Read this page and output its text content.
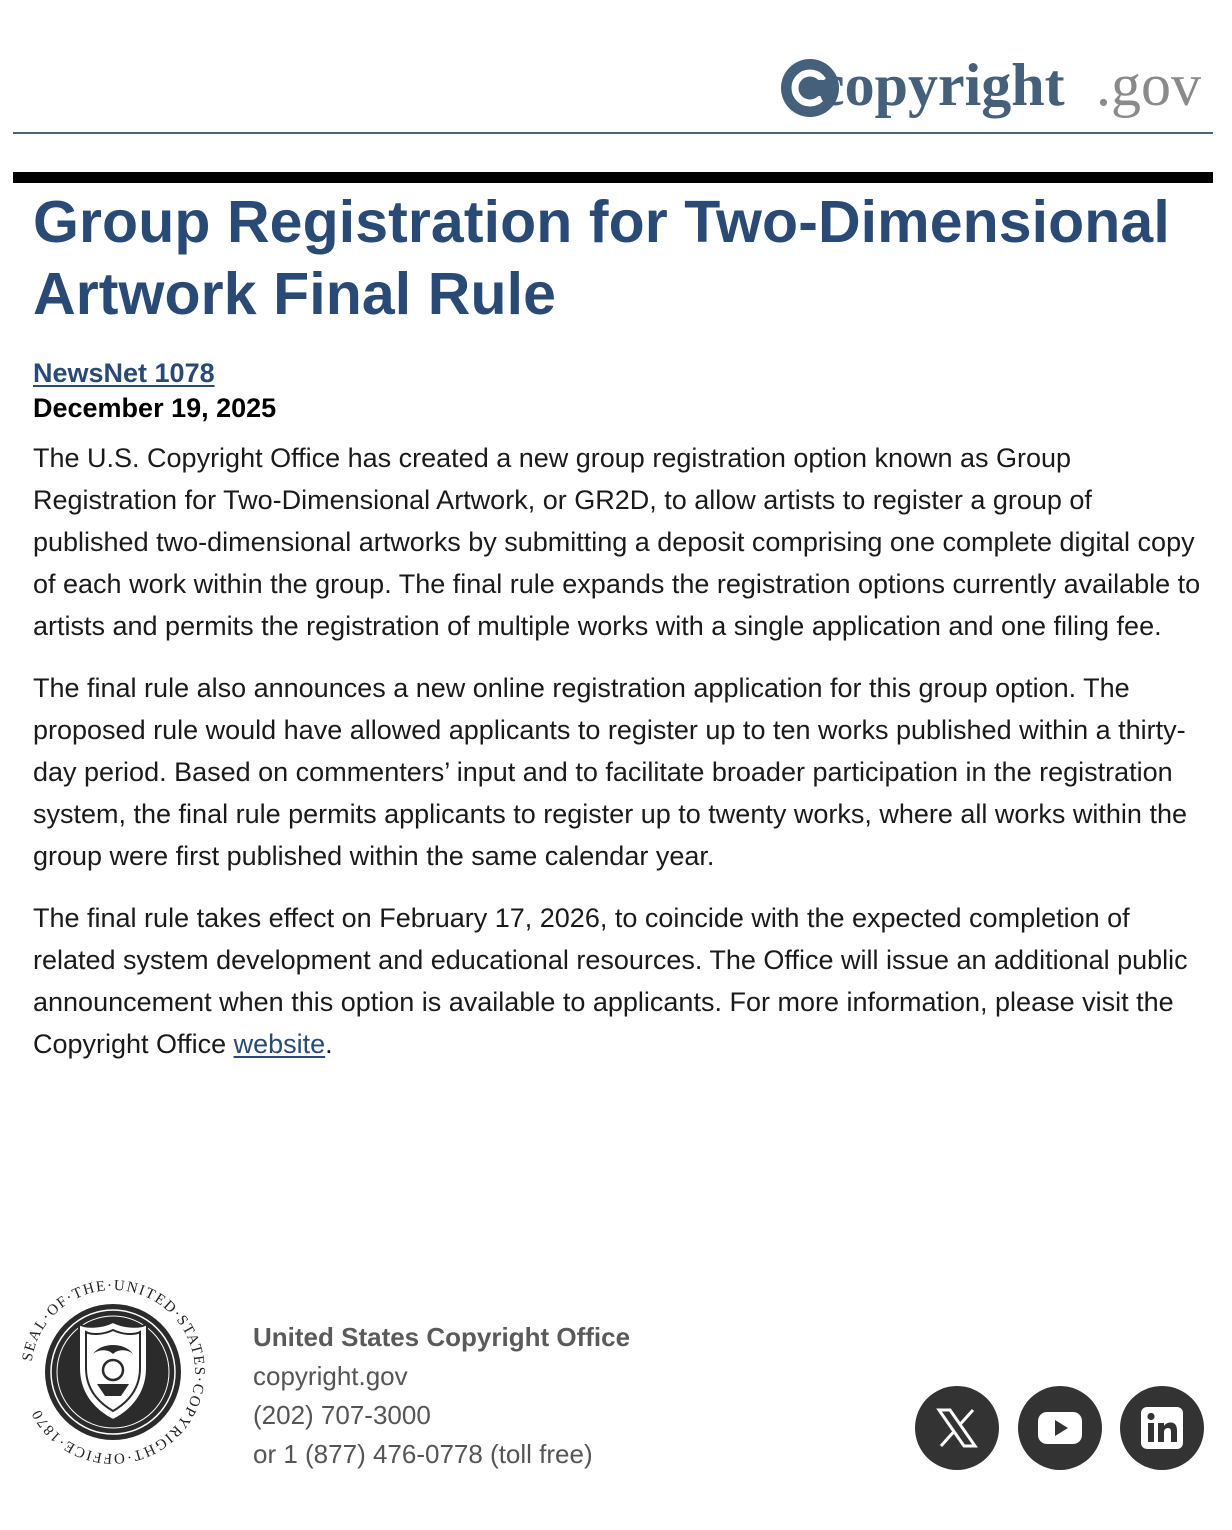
copyright .gov
Group Registration for Two-Dimensional Artwork Final Rule
NewsNet 1078
December 19, 2025

The U.S. Copyright Office has created a new group registration option known as Group Registration for Two-Dimensional Artwork, or GR2D, to allow artists to register a group of published two-dimensional artworks by submitting a deposit comprising one complete digital copy of each work within the group. The final rule expands the registration options currently available to artists and permits the registration of multiple works with a single application and one filing fee.

The final rule also announces a new online registration application for this group option. The proposed rule would have allowed applicants to register up to ten works published within a thirty-day period. Based on commenters’ input and to facilitate broader participation in the registration system, the final rule permits applicants to register up to twenty works, where all works within the group were first published within the same calendar year.

The final rule takes effect on February 17, 2026, to coincide with the expected completion of related system development and educational resources. The Office will issue an additional public announcement when this option is available to applicants. For more information, please visit the Copyright Office website.

SEAL·OF·THE·UNITED·STATES·COPYRIGHT·OFFICE·1870
United States Copyright Office
copyright.gov
(202) 707-3000
or 1 (877) 476-0778 (toll free)
